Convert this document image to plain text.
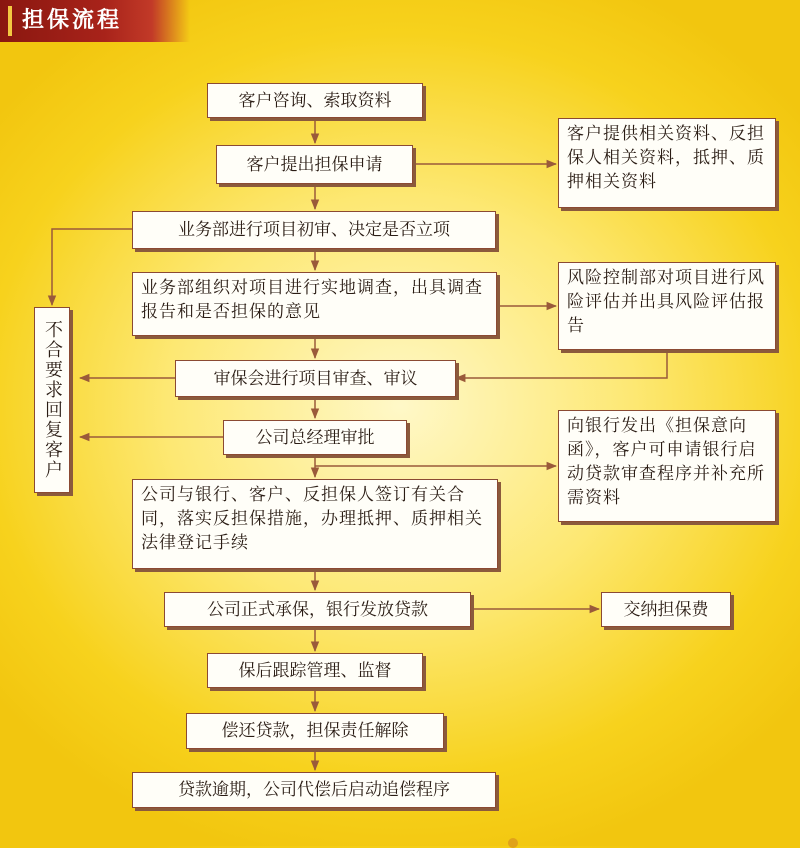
担保流程
客户咨询、索取资料
客户提出担保申请
业务部进行项目初审、决定是否立项
业务部组织对项目进行实地调查，出具调查报告和是否担保的意见
审保会进行项目审查、审议
公司总经理审批
公司与银行、客户、反担保人签订有关合同，落实反担保措施，办理抵押、质押相关法律登记手续
公司正式承保，银行发放贷款
保后跟踪管理、监督
偿还贷款，担保责任解除
贷款逾期，公司代偿后启动追偿程序
客户提供相关资料、反担保人相关资料，抵押、质押相关资料
风险控制部对项目进行风险评估并出具风险评估报告
向银行发出《担保意向函》，客户可申请银行启动贷款审查程序并补充所需资料
交纳担保费
不合要求回复客户
